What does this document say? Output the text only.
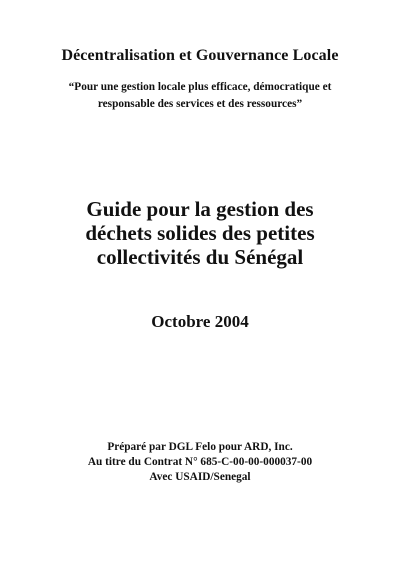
Décentralisation et Gouvernance Locale
“Pour une gestion locale plus efficace, démocratique et
responsable des services et des ressources”
Guide pour la gestion des
déchets solides des petites
collectivités du Sénégal
Octobre 2004
Préparé par DGL Felo pour ARD, Inc.
Au titre du Contrat N° 685-C-00-00-000037-00
Avec USAID/Senegal
